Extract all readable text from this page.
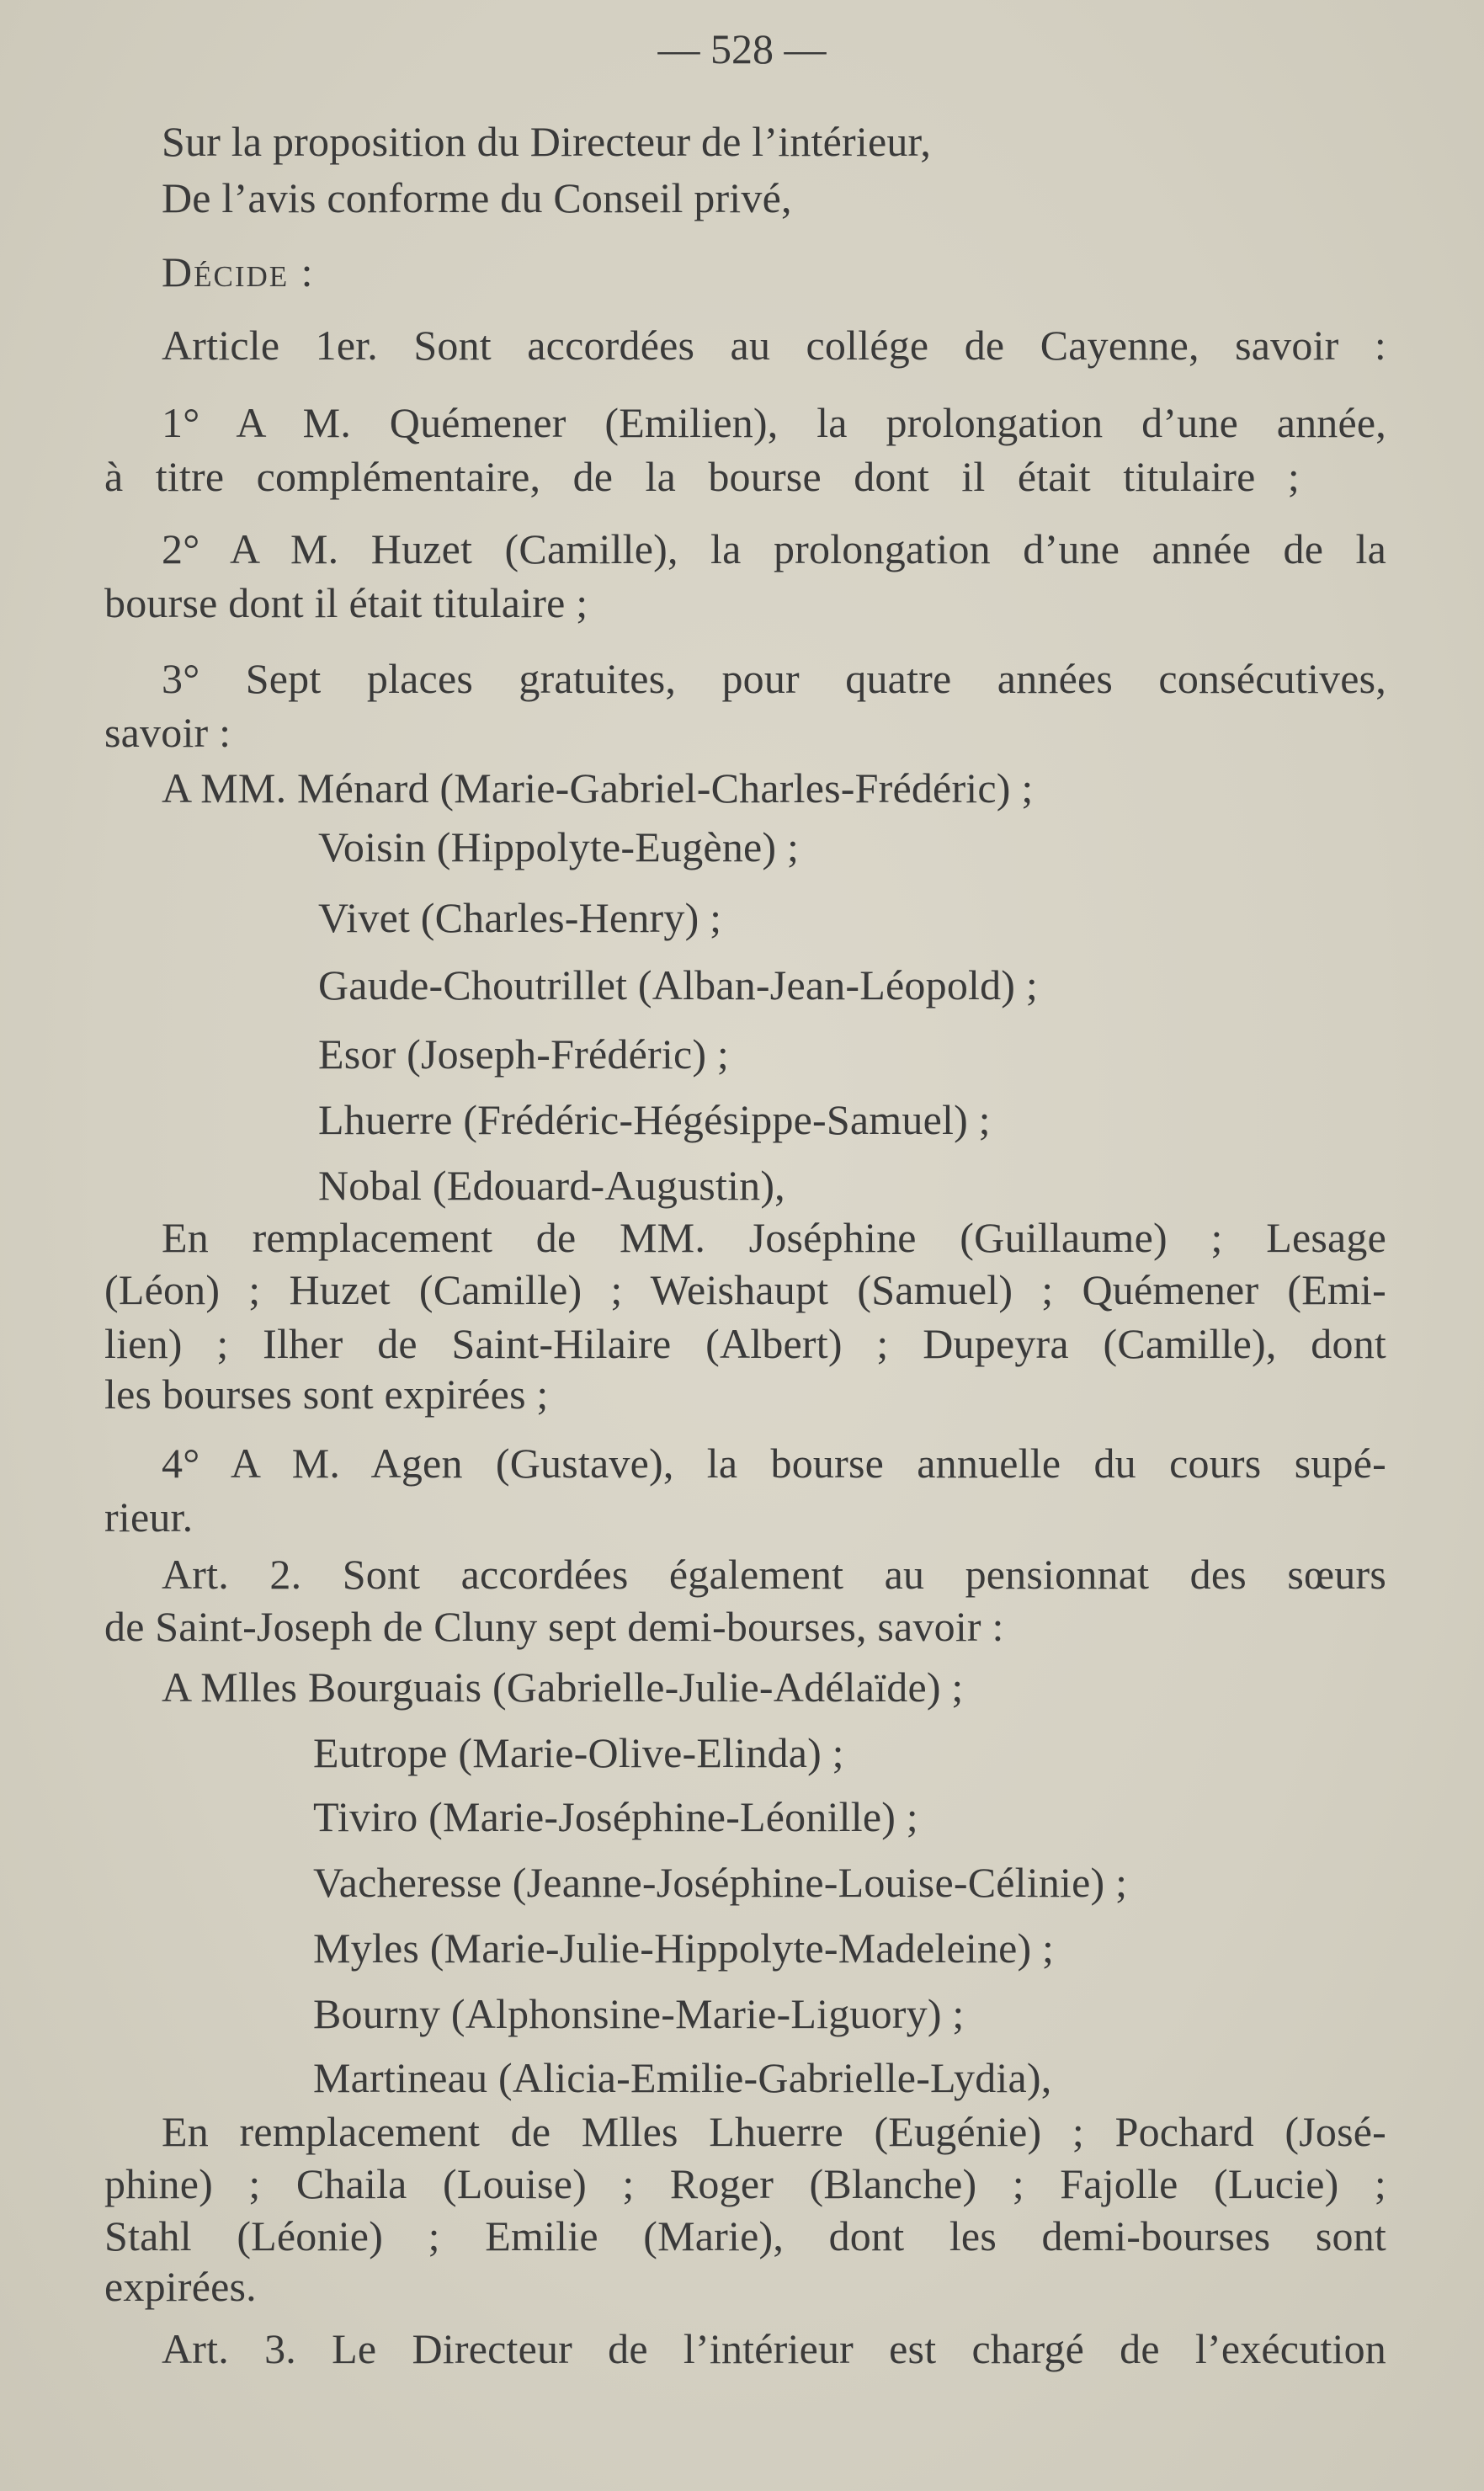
— 528 —
Sur la proposition du Directeur de l’intérieur,
De l’avis conforme du Conseil privé,
Décide :
Article 1er. Sont accordées au collége de Cayenne, savoir :
1° A M. Quémener (Emilien), la prolongation d’une année,
à titre complémentaire, de la bourse dont il était titulaire ;
2° A M. Huzet (Camille), la prolongation d’une année de la
bourse dont il était titulaire ;
3° Sept places gratuites, pour quatre années consécutives,
savoir :
A MM. Ménard (Marie-Gabriel-Charles-Frédéric) ;
Voisin (Hippolyte-Eugène) ;
Vivet (Charles-Henry) ;
Gaude-Choutrillet (Alban-Jean-Léopold) ;
Esor (Joseph-Frédéric) ;
Lhuerre (Frédéric-Hégésippe-Samuel) ;
Nobal (Edouard-Augustin),
En remplacement de MM. Joséphine (Guillaume) ; Lesage
(Léon) ; Huzet (Camille) ; Weishaupt (Samuel) ; Quémener (Emi-
lien) ; Ilher de Saint-Hilaire (Albert) ; Dupeyra (Camille), dont
les bourses sont expirées ;
4° A M. Agen (Gustave), la bourse annuelle du cours supé-
rieur.
Art. 2. Sont accordées également au pensionnat des sœurs
de Saint-Joseph de Cluny sept demi-bourses, savoir :
A Mlles Bourguais (Gabrielle-Julie-Adélaïde) ;
Eutrope (Marie-Olive-Elinda) ;
Tiviro (Marie-Joséphine-Léonille) ;
Vacheresse (Jeanne-Joséphine-Louise-Célinie) ;
Myles (Marie-Julie-Hippolyte-Madeleine) ;
Bourny (Alphonsine-Marie-Liguory) ;
Martineau (Alicia-Emilie-Gabrielle-Lydia),
En remplacement de Mlles Lhuerre (Eugénie) ; Pochard (José-
phine) ; Chaila (Louise) ; Roger (Blanche) ; Fajolle (Lucie) ;
Stahl (Léonie) ; Emilie (Marie), dont les demi-bourses sont
expirées.
Art. 3. Le Directeur de l’intérieur est chargé de l’exécution
